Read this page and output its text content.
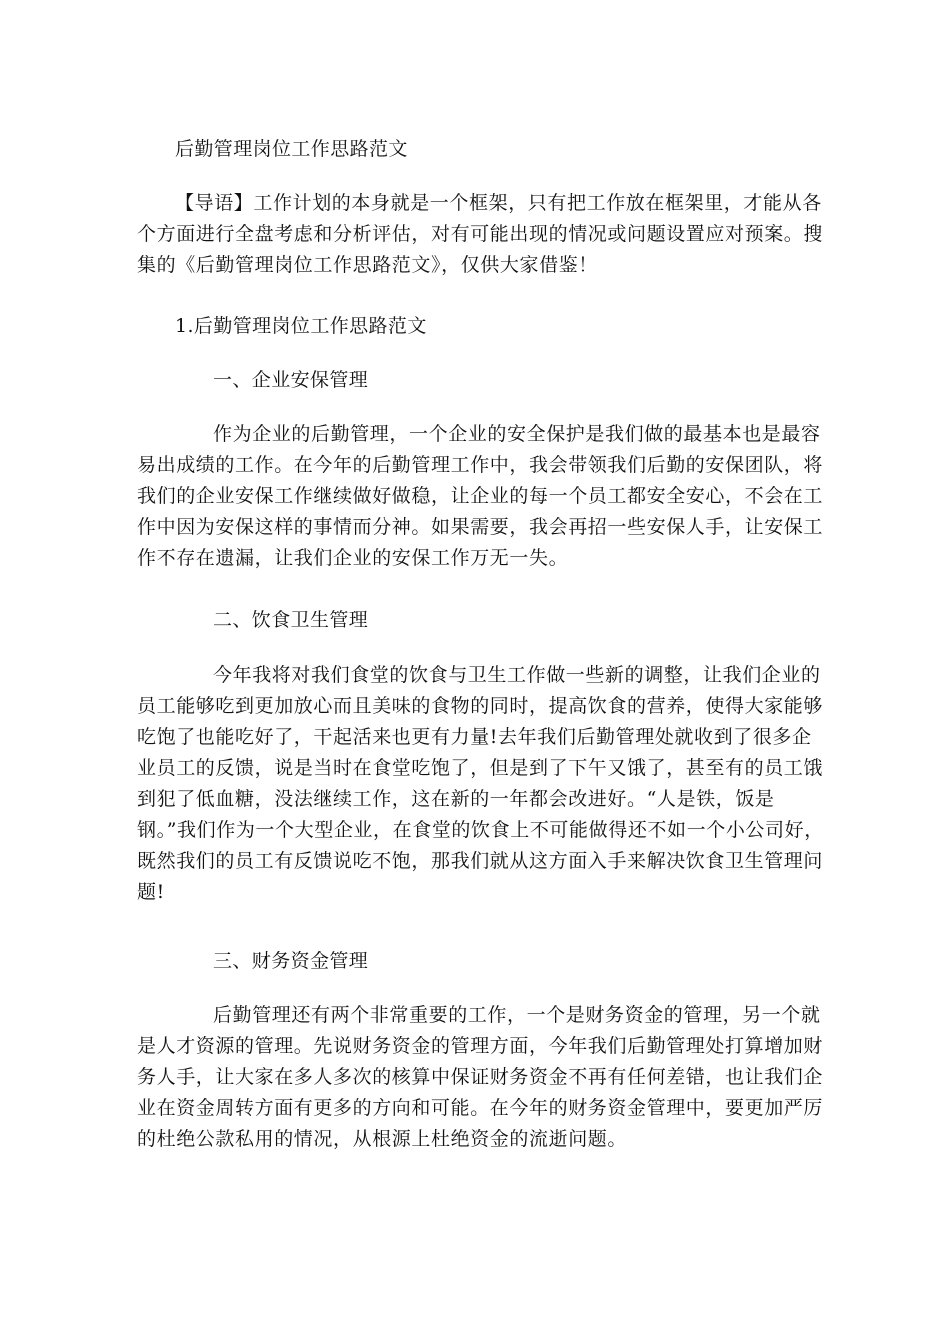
后勤管理岗位工作思路范文
【导语】工作计划的本身就是一个框架，只有把工作放在框架里，才能从各
个方面进行全盘考虑和分析评估，对有可能出现的情况或问题设置应对预案。搜
集的《后勤管理岗位工作思路范文》，仅供大家借鉴！
1.后勤管理岗位工作思路范文
一、企业安保管理
作为企业的后勤管理，一个企业的安全保护是我们做的最基本也是最容
易出成绩的工作。在今年的后勤管理工作中，我会带领我们后勤的安保团队，将
我们的企业安保工作继续做好做稳，让企业的每一个员工都安全安心，不会在工
作中因为安保这样的事情而分神。如果需要，我会再招一些安保人手，让安保工
作不存在遗漏，让我们企业的安保工作万无一失。
二、饮食卫生管理
今年我将对我们食堂的饮食与卫生工作做一些新的调整，让我们企业的
员工能够吃到更加放心而且美味的食物的同时，提高饮食的营养，使得大家能够
吃饱了也能吃好了，干起活来也更有力量!去年我们后勤管理处就收到了很多企
业员工的反馈，说是当时在食堂吃饱了，但是到了下午又饿了，甚至有的员工饿
到犯了低血糖，没法继续工作，这在新的一年都会改进好。“人是铁，饭是
钢。”我们作为一个大型企业，在食堂的饮食上不可能做得还不如一个小公司好，
既然我们的员工有反馈说吃不饱，那我们就从这方面入手来解决饮食卫生管理问
题!
三、财务资金管理
后勤管理还有两个非常重要的工作，一个是财务资金的管理，另一个就
是人才资源的管理。先说财务资金的管理方面，今年我们后勤管理处打算增加财
务人手，让大家在多人多次的核算中保证财务资金不再有任何差错，也让我们企
业在资金周转方面有更多的方向和可能。在今年的财务资金管理中，要更加严厉
的杜绝公款私用的情况，从根源上杜绝资金的流逝问题。
